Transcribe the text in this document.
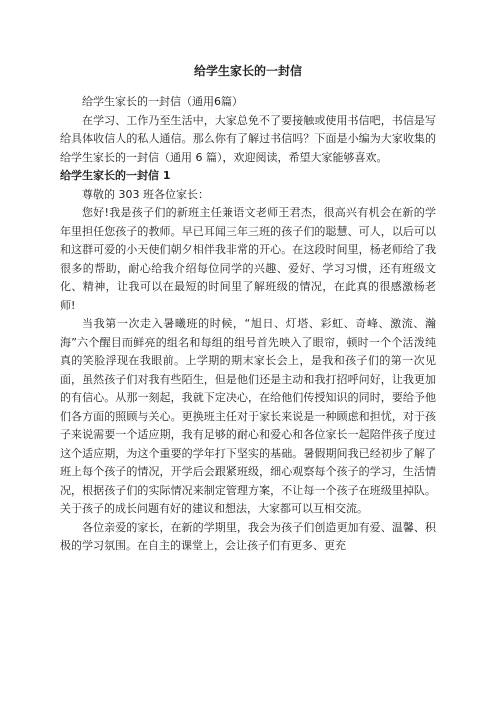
给学生家长的一封信

给学生家长的一封信（通用6篇）

在学习、工作乃至生活中，大家总免不了要接触或使用书信吧，书信是写给具体收信人的私人通信。那么你有了解过书信吗？下面是小编为大家收集的给学生家长的一封信（通用 6 篇），欢迎阅读，希望大家能够喜欢。

给学生家长的一封信 1

尊敬的 303 班各位家长：

您好!我是孩子们的新班主任兼语文老师王君杰，很高兴有机会在新的学年里担任您孩子的教师。早已耳闻三年三班的孩子们的聪慧、可人，以后可以和这群可爱的小天使们朝夕相伴我非常的开心。在这段时间里，杨老师给了我很多的帮助，耐心给我介绍每位同学的兴趣、爱好、学习习惯，还有班级文化、精神，让我可以在最短的时间里了解班级的情况，在此真的很感激杨老师!

当我第一次走入暑曦班的时候，“旭日、灯塔、彩虹、奇峰、激流、瀚海”六个醒目而鲜亮的组名和每组的组号首先映入了眼帘，顿时一个个活泼纯真的笑脸浮现在我眼前。上学期的期末家长会上，是我和孩子们的第一次见面，虽然孩子们对我有些陌生，但是他们还是主动和我打招呼问好，让我更加的有信心。从那一刻起，我就下定决心，在给他们传授知识的同时，要给予他们各方面的照顾与关心。更换班主任对于家长来说是一种顾虑和担忧，对于孩子来说需要一个适应期，我有足够的耐心和爱心和各位家长一起陪伴孩子度过这个适应期，为这个重要的学年打下坚实的基础。暑假期间我已经初步了解了班上每个孩子的情况，开学后会跟紧班级，细心观察每个孩子的学习，生活情况，根据孩子们的实际情况来制定管理方案，不让每一个孩子在班级里掉队。关于孩子的成长问题有好的建议和想法，大家都可以互相交流。

各位亲爱的家长，在新的学期里，我会为孩子们创造更加有爱、温馨、积极的学习氛围。在自主的课堂上，会让孩子们有更多、更充
